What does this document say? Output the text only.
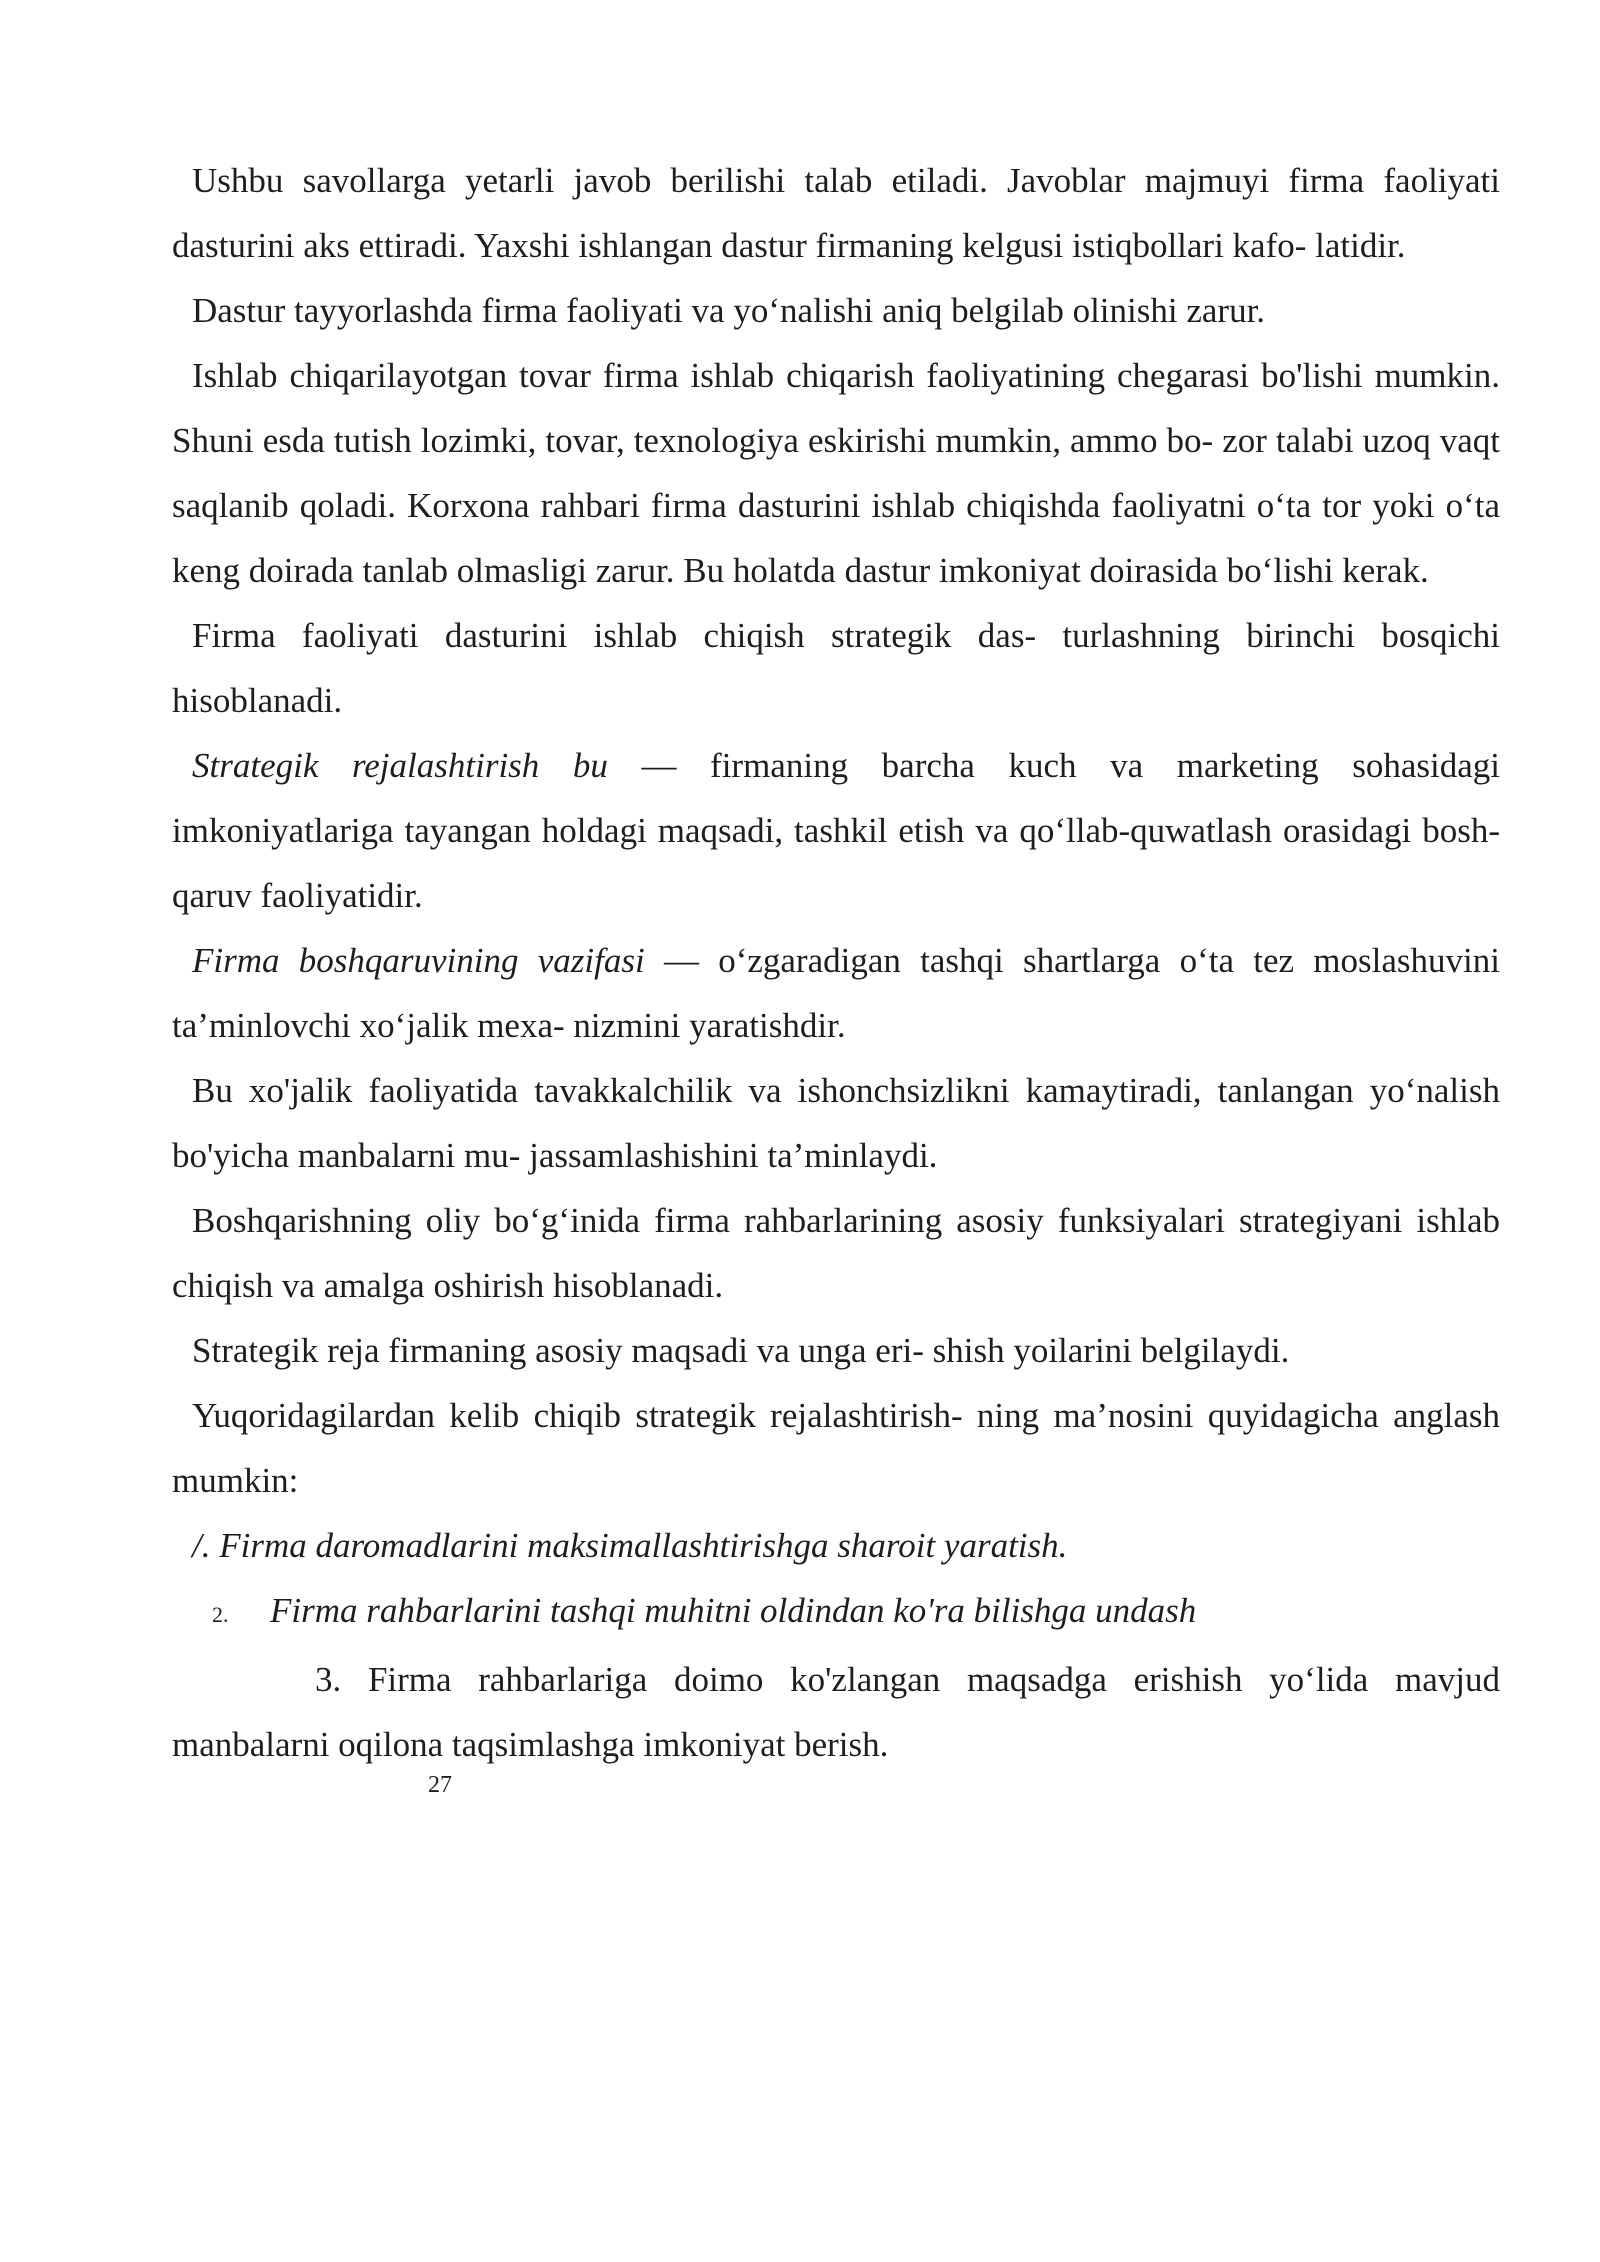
Ushbu savollarga yetarli javob berilishi talab etiladi. Javoblar majmuyi firma faoliyati dasturini aks ettiradi. Yaxshi ishlangan dastur firmaning kelgusi istiqbollari kafo- latidir.

Dastur tayyorlashda firma faoliyati va yo‘nalishi aniq belgilab olinishi zarur.

Ishlab chiqarilayotgan tovar firma ishlab chiqarish faoliyatining chegarasi bo'lishi mumkin. Shuni esda tutish lozimki, tovar, texnologiya eskirishi mumkin, ammo bo- zor talabi uzoq vaqt saqlanib qoladi. Korxona rahbari firma dasturini ishlab chiqishda faoliyatni o‘ta tor yoki o‘ta keng doirada tanlab olmasligi zarur. Bu holatda dastur imkoniyat doirasida bo‘lishi kerak.

Firma faoliyati dasturini ishlab chiqish strategik das- turlashning birinchi bosqichi hisoblanadi.

Strategik rejalashtirish bu — firmaning barcha kuch va marketing sohasidagi imkoniyatlariga tayangan holdagi maqsadi, tashkil etish va qo‘llab-quwatlash orasidagi bosh- qaruv faoliyatidir.

Firma boshqaruvining vazifasi — o‘zgaradigan tashqi shartlarga o‘ta tez moslashuvini ta’minlovchi xo‘jalik mexa- nizmini yaratishdir.

Bu xo'jalik faoliyatida tavakkalchilik va ishonchsizlikni kamaytiradi, tanlangan yo‘nalish bo'yicha manbalarni mu- jassamlashishini ta’minlaydi.

Boshqarishning oliy bo‘g‘inida firma rahbarlarining asosiy funksiyalari strategiyani ishlab chiqish va amalga oshirish hisoblanadi.

Strategik reja firmaning asosiy maqsadi va unga eri- shish yoilarini belgilaydi.

Yuqoridagilardan kelib chiqib strategik rejalashtirish- ning ma’nosini quyidagicha anglash mumkin:

/. Firma daromadlarini maksimallashtirishga sharoit yaratish.

2. Firma rahbarlarini tashqi muhitni oldindan ko'ra bilishga undash

3. Firma rahbarlariga doimo ko'zlangan maqsadga erishish yo‘lida mavjud manbalarni oqilona taqsimlashga imkoniyat berish.

27
